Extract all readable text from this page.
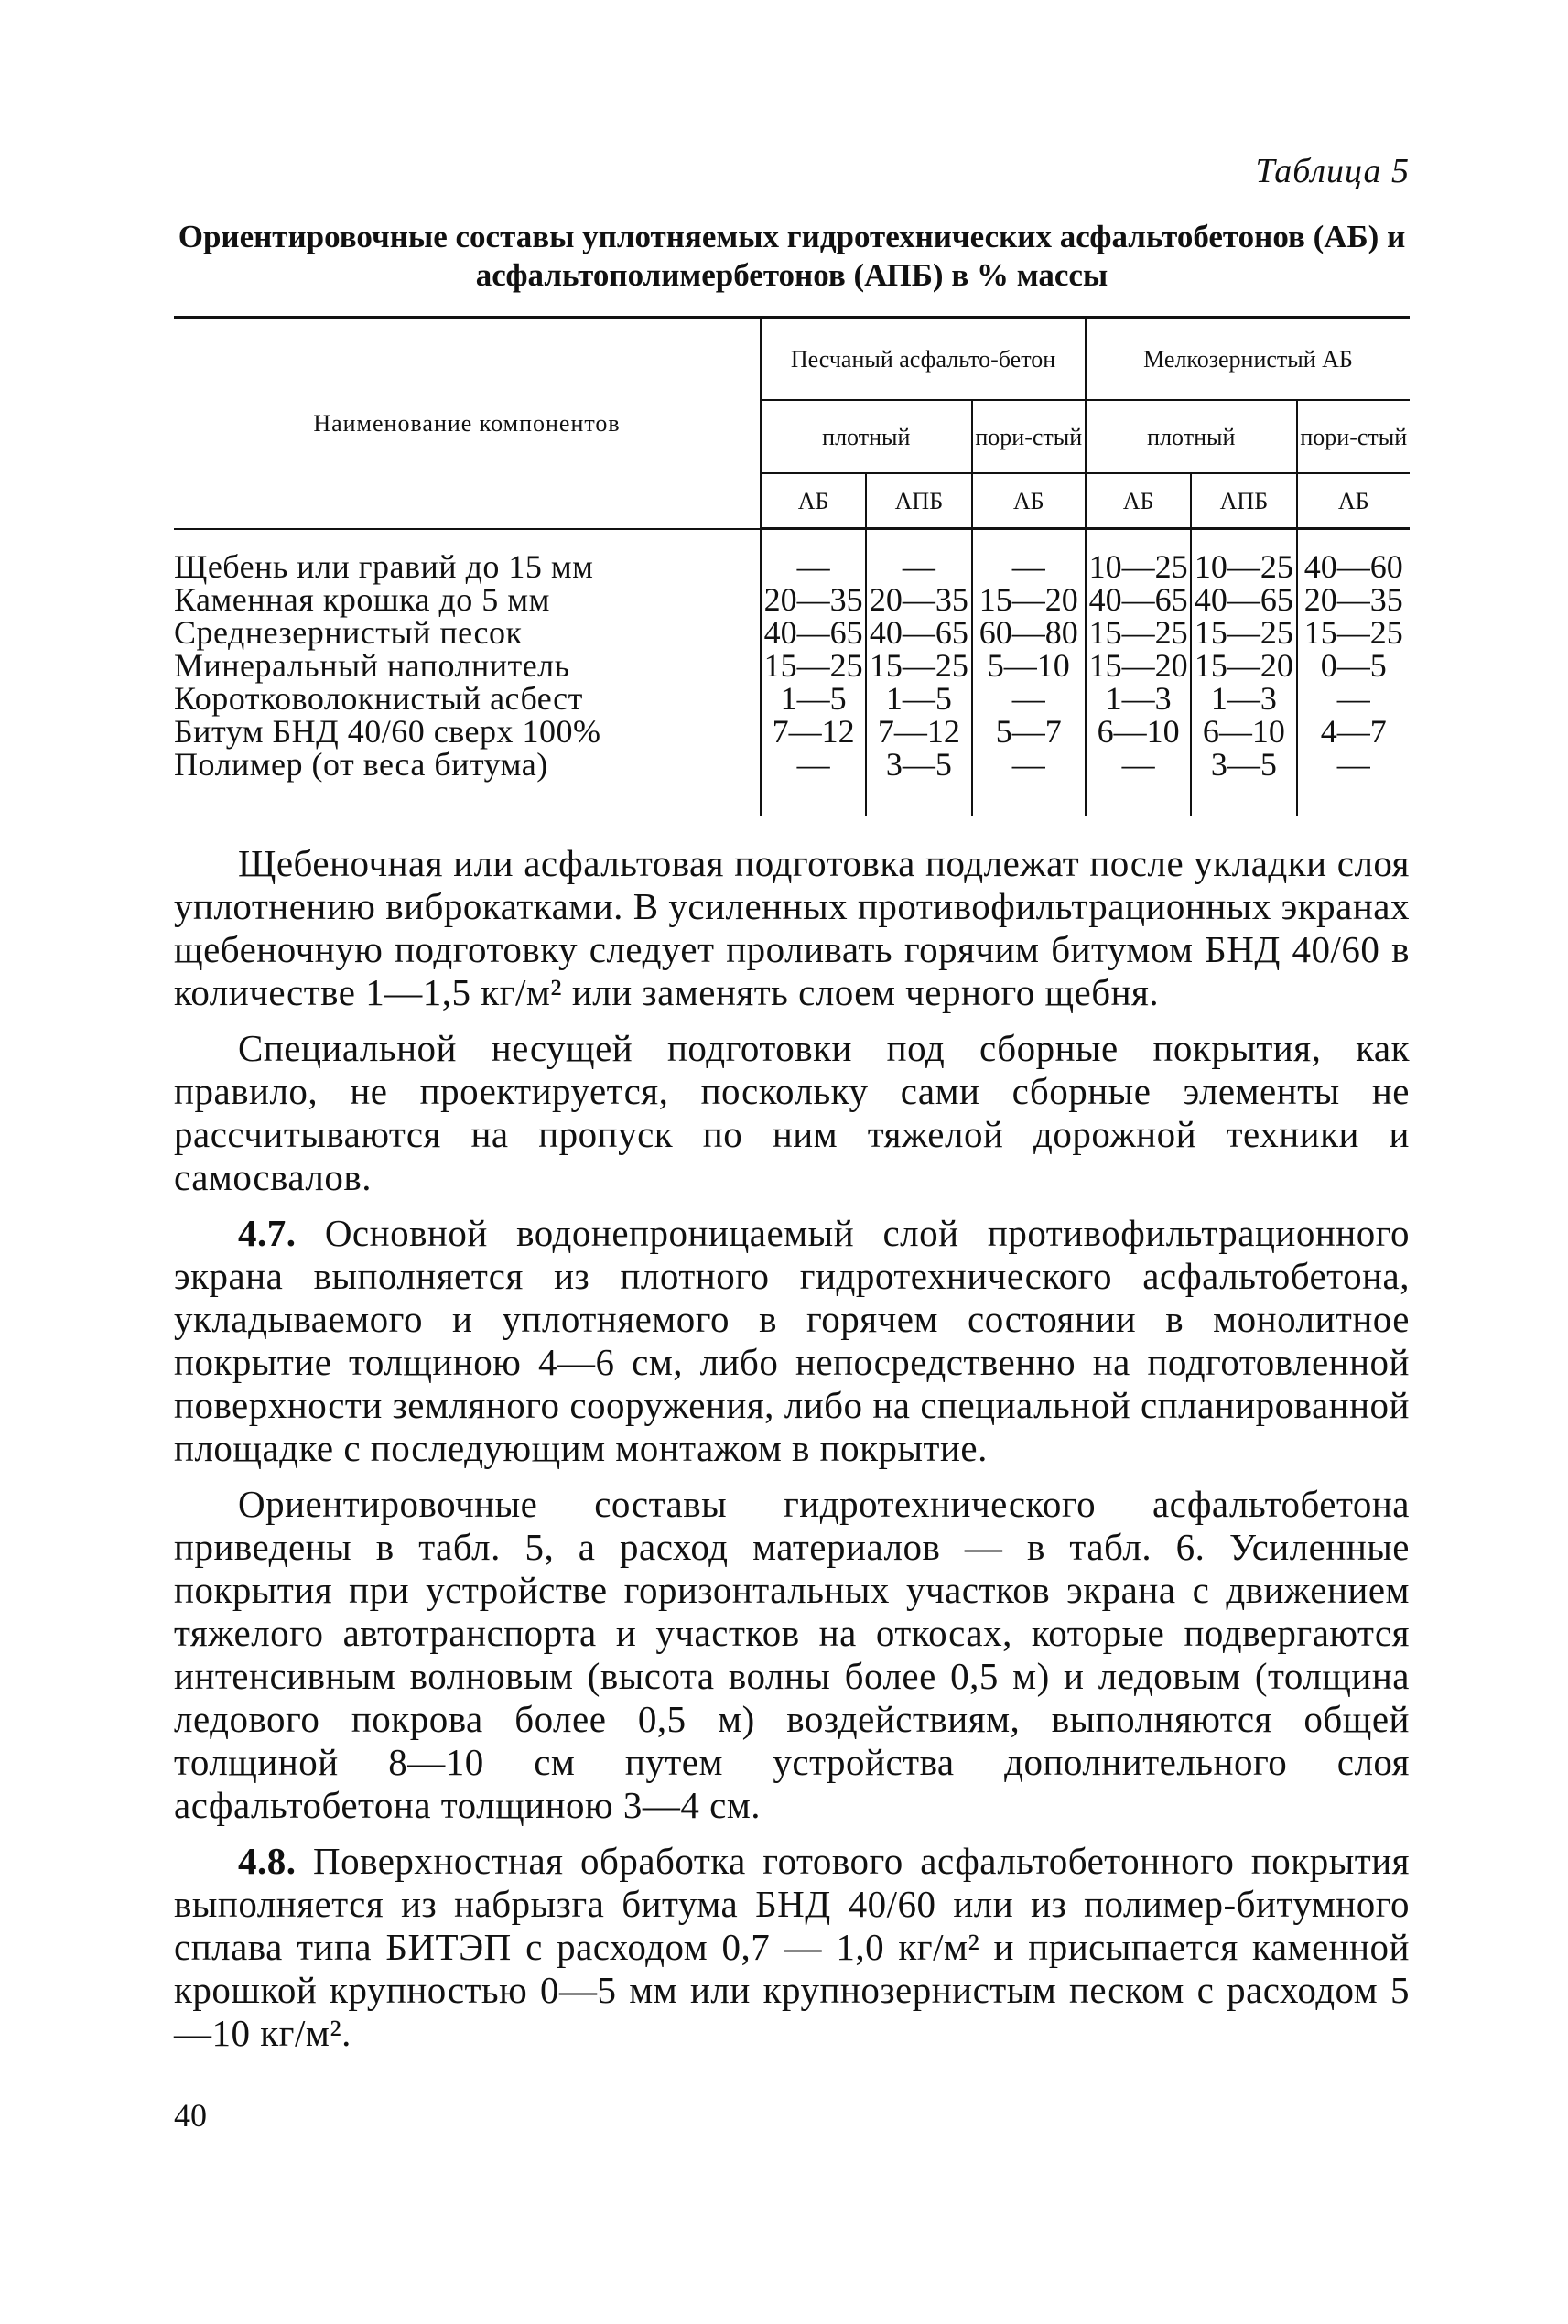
Таблица 5
Ориентировочные составы уплотняемых гидротехнических асфальтобетонов (АБ) и асфальтополимербетонов (АПБ) в % массы
Наименование компонентов	Песчаный асфальто-бетон			Мелкозернистый АБ		
	плотный		пори-стый	плотный		пори-стый
	АБ	АПБ	АБ	АБ	АПБ	АБ

Щебень или гравий до 15 мм	—	—	—	10—25	10—25	40—60
Каменная крошка до 5 мм	20—35	20—35	15—20	40—65	40—65	20—35
Среднезернистый песок	40—65	40—65	60—80	15—25	15—25	15—25
Минеральный наполнитель	15—25	15—25	5—10	15—20	15—20	0—5
Коротковолокнистый асбест	1—5	1—5	—	1—3	1—3	—
Битум БНД 40/60 сверх 100%	7—12	7—12	5—7	6—10	6—10	4—7
Полимер (от веса битума)	—	3—5	—	—	3—5	—

Щебеночная или асфальтовая подготовка подлежат после укладки слоя уплотнению виброкатками. В усиленных противофильтрационных экранах щебеночную подготовку следует проливать горячим битумом БНД 40/60 в количестве 1—1,5 кг/м² или заменять слоем черного щебня.

Специальной несущей подготовки под сборные покрытия, как правило, не проектируется, поскольку сами сборные элементы не рассчитываются на пропуск по ним тяжелой дорожной техники и самосвалов.

4.7. Основной водонепроницаемый слой противофильтрационного экрана выполняется из плотного гидротехнического асфальтобетона, укладываемого и уплотняемого в горячем состоянии в монолитное покрытие толщиною 4—6 см, либо непосредственно на подготовленной поверхности земляного сооружения, либо на специальной спланированной площадке с последующим монтажом в покрытие.

Ориентировочные составы гидротехнического асфальтобетона приведены в табл. 5, а расход материалов — в табл. 6. Усиленные покрытия при устройстве горизонтальных участков экрана с движением тяжелого автотранспорта и участков на откосах, которые подвергаются интенсивным волновым (высота волны более 0,5 м) и ледовым (толщина ледового покрова более 0,5 м) воздействиям, выполняются общей толщиной 8—10 см путем устройства дополнительного слоя асфальтобетона толщиною 3—4 см.

4.8. Поверхностная обработка готового асфальтобетонного покрытия выполняется из набрызга битума БНД 40/60 или из полимер-битумного сплава типа БИТЭП с расходом 0,7 — 1,0 кг/м² и присыпается каменной крошкой крупностью 0—5 мм или крупнозернистым песком с расходом 5—10 кг/м².

40
